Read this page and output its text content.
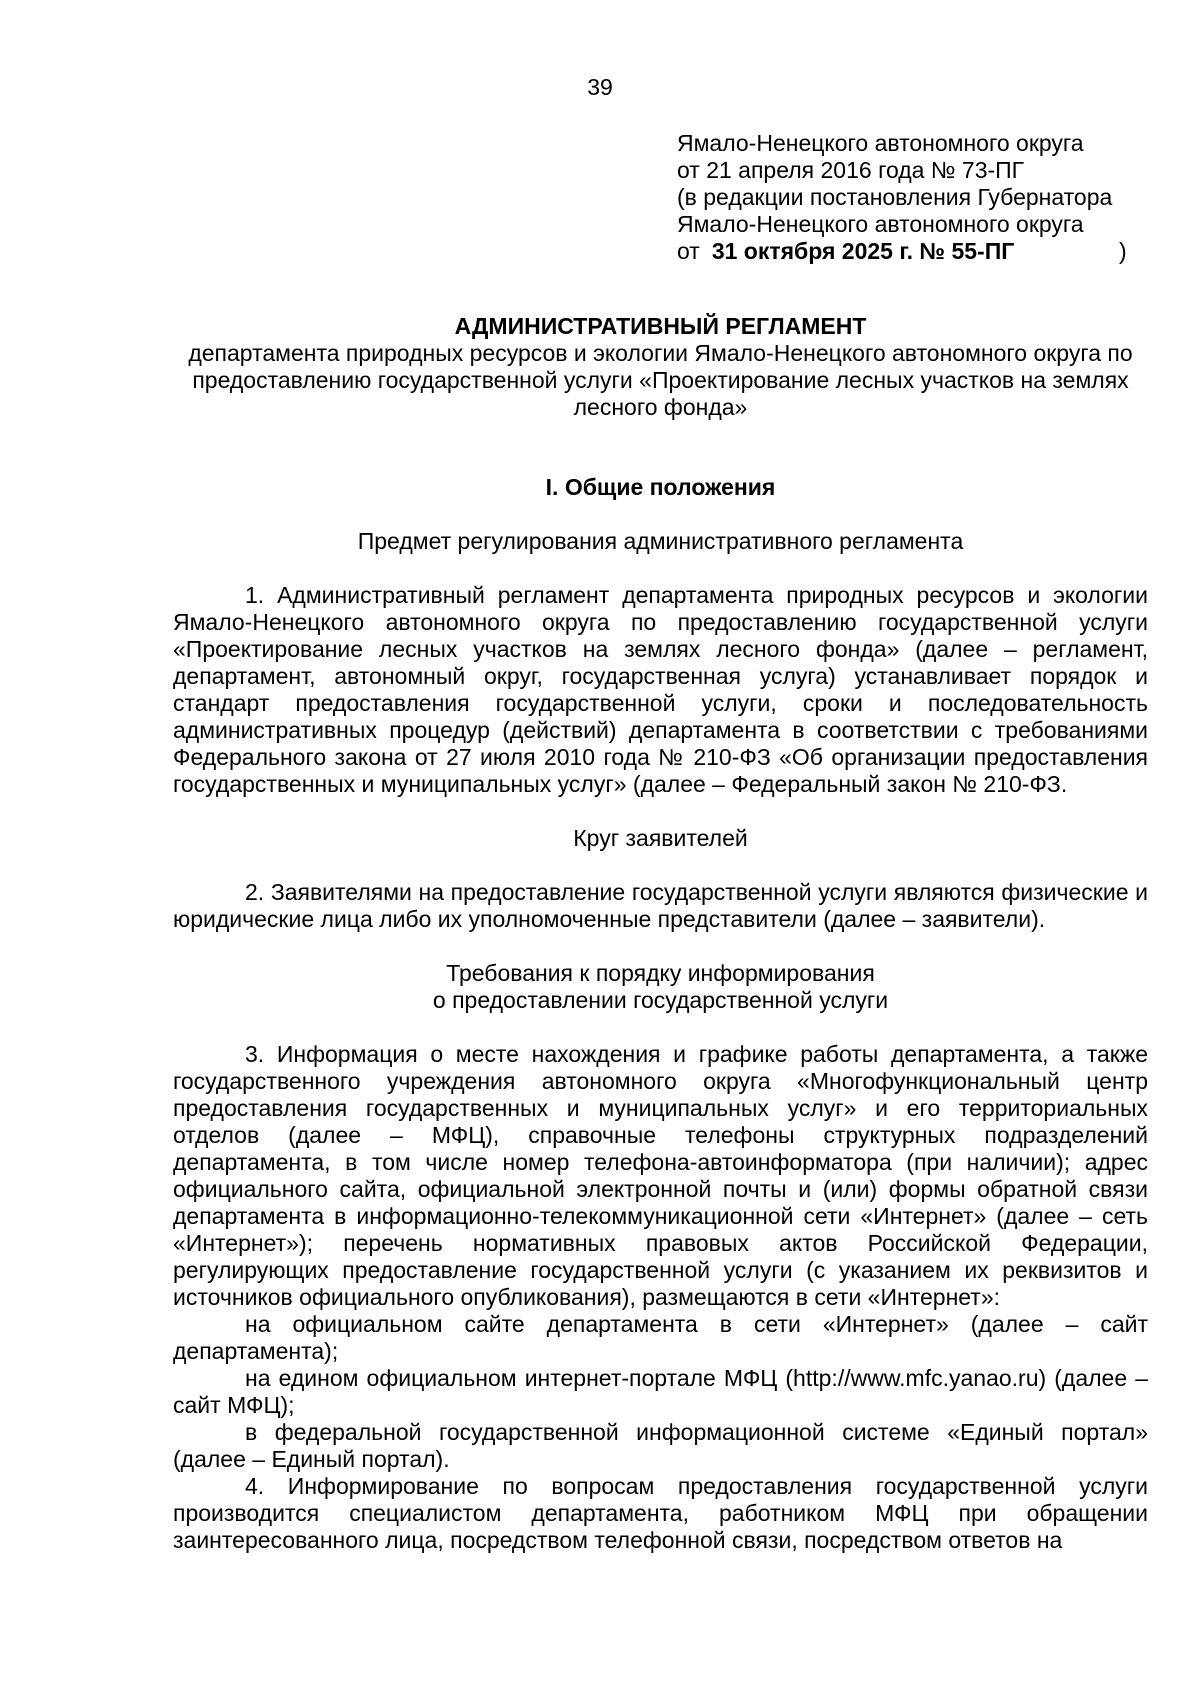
39
Ямало-Ненецкого автономного округа
от 21 апреля 2016 года № 73-ПГ
(в редакции постановления Губернатора
Ямало-Ненецкого автономного округа
от 31 октября 2025 г. № 55-ПГ	)
АДМИНИСТРАТИВНЫЙ РЕГЛАМЕНТ
департамента природных ресурсов и экологии Ямало-Ненецкого автономного округа по предоставлению государственной услуги «Проектирование лесных участков на землях лесного фонда»
I. Общие положения
Предмет регулирования административного регламента

1. Административный регламент департамента природных ресурсов и экологии Ямало-Ненецкого автономного округа по предоставлению государственной услуги «Проектирование лесных участков на землях лесного фонда» (далее – регламент, департамент, автономный округ, государственная услуга) устанавливает порядок и стандарт предоставления государственной услуги, сроки и последовательность административных процедур (действий) департамента в соответствии с требованиями Федерального закона от 27 июля 2010 года № 210-ФЗ «Об организации предоставления государственных и муниципальных услуг» (далее – Федеральный закон № 210-ФЗ.

Круг заявителей

2. Заявителями на предоставление государственной услуги являются физические и юридические лица либо их уполномоченные представители (далее – заявители).

Требования к порядку информирования
о предоставлении государственной услуги

3. Информация о месте нахождения и графике работы департамента, а также государственного учреждения автономного округа «Многофункциональный центр предоставления государственных и муниципальных услуг» и его территориальных отделов (далее – МФЦ), справочные телефоны структурных подразделений департамента, в том числе номер телефона-автоинформатора (при наличии); адрес официального сайта, официальной электронной почты и (или) формы обратной связи департамента в информационно-телекоммуникационной сети «Интернет» (далее – сеть «Интернет»); перечень нормативных правовых актов Российской Федерации, регулирующих предоставление государственной услуги (с указанием их реквизитов и источников официального опубликования), размещаются в сети «Интернет»:

на официальном сайте департамента в сети «Интернет» (далее – сайт департамента);

на едином официальном интернет-портале МФЦ (http://www.mfc.yanao.ru) (далее – сайт МФЦ);

в федеральной государственной информационной системе «Единый портал» (далее – Единый портал).

4. Информирование по вопросам предоставления государственной услуги производится специалистом департамента, работником МФЦ при обращении заинтересованного лица, посредством телефонной связи, посредством ответов на
